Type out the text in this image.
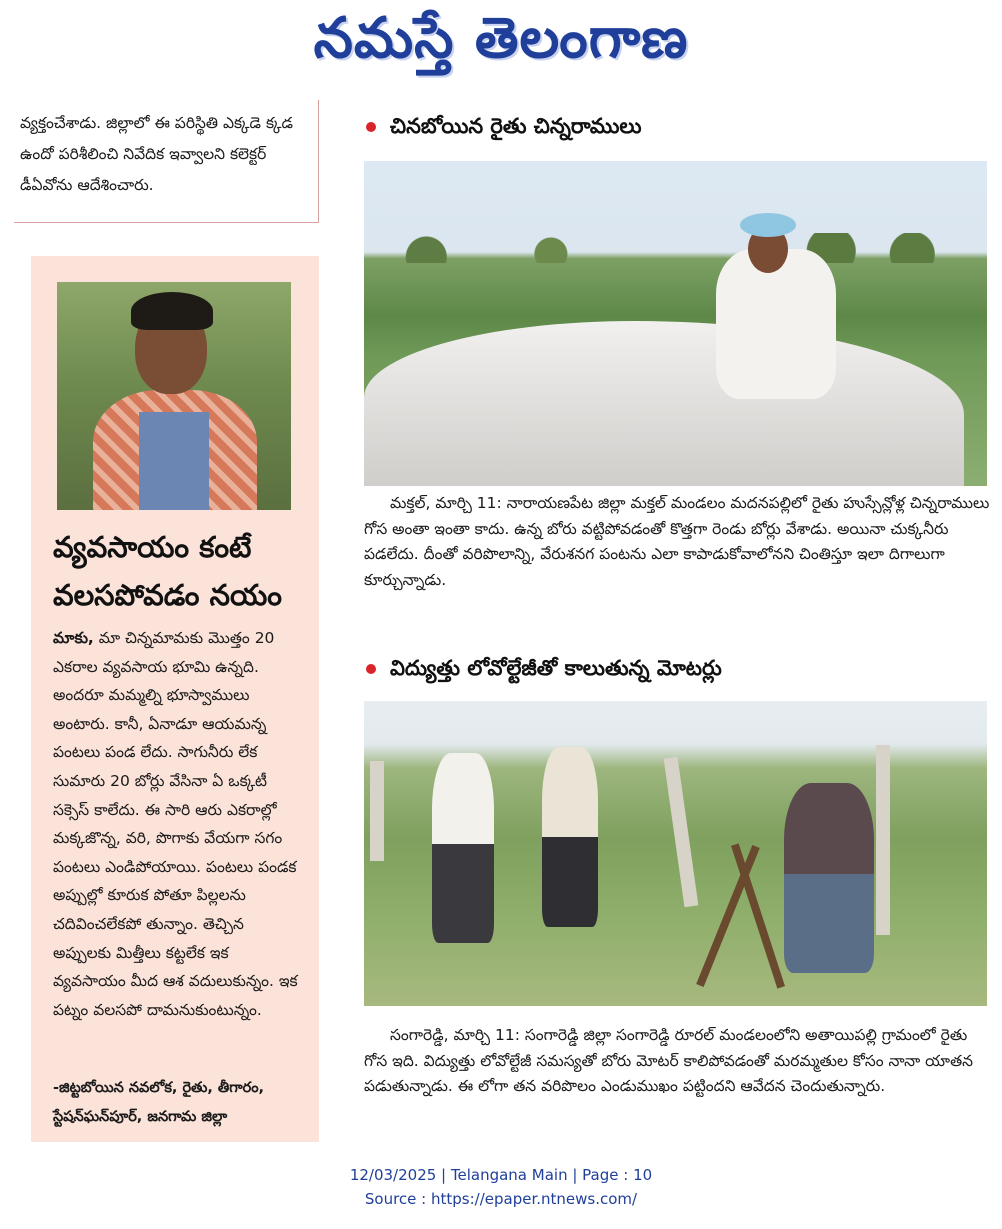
నమస్తే తెలంగాణ

వ్యక్తంచేశాడు. జిల్లాలో ఈ పరిస్థితి ఎక్కడె క్కడ ఉందో పరిశీలించి నివేదిక ఇవ్వాలని కలెక్టర్ డీఏవోను ఆదేశించారు.

వ్యవసాయం కంటే
వలసపోవడం నయం

మాకు, మా చిన్నమామకు మొత్తం 20 ఎకరాల వ్యవసాయ భూమి ఉన్నది. అందరూ మమ్మల్ని భూస్వాములు అంటారు. కానీ, ఏనాడూ ఆయమన్న పంటలు పండ లేదు. సాగునీరు లేక సుమారు 20 బోర్లు వేసినా ఏ ఒక్కటీ సక్సెస్ కాలేదు. ఈ సారి ఆరు ఎకరాల్లో మక్కజొన్న, వరి, పొగాకు వేయగా సగం పంటలు ఎండిపోయాయి. పంటలు పండక అప్పుల్లో కూరుక పోతూ పిల్లలను చదివించలేకపో తున్నాం. తెచ్చిన అప్పులకు మిత్తీలు కట్టలేక ఇక వ్యవసాయం మీద ఆశ వదులుకున్నం. ఇక పట్నం వలసపో దామనుకుంటున్నం.

-జిట్టబోయిన నవలోక, రైతు, తీగారం, స్టేషన్‌ఘన్‌పూర్, జనగామ జిల్లా

చినబోయిన రైతు చిన్నరాములు

మక్తల్, మార్చి 11: నారాయణపేట జిల్లా మక్తల్ మండలం మదనపల్లిలో రైతు హుస్సేన్లోళ్ల చిన్నరాములు గోస అంతా ఇంతా కాదు. ఉన్న బోరు వట్టిపోవడంతో కొత్తగా రెండు బోర్లు వేశాడు. అయినా చుక్కనీరు పడలేదు. దీంతో వరిపొలాన్ని, వేరుశనగ పంటను ఎలా కాపాడుకోవాలోనని చింతిస్తూ ఇలా దిగాలుగా కూర్చున్నాడు.

విద్యుత్తు లోవోల్టేజీతో కాలుతున్న మోటర్లు

సంగారెడ్డి, మార్చి 11: సంగారెడ్డి జిల్లా సంగారెడ్డి రూరల్ మండలంలోని అతాయిపల్లి గ్రామంలో రైతు గోస ఇది. విద్యుత్తు లోవోల్టేజీ సమస్యతో బోరు మోటర్ కాలిపోవడంతో మరమ్మతుల కోసం నానా యాతన పడుతున్నాడు. ఈ లోగా తన వరిపొలం ఎండుముఖం పట్టిందని ఆవేదన చెందుతున్నారు.

12/03/2025 | Telangana Main | Page : 10
Source : https://epaper.ntnews.com/
